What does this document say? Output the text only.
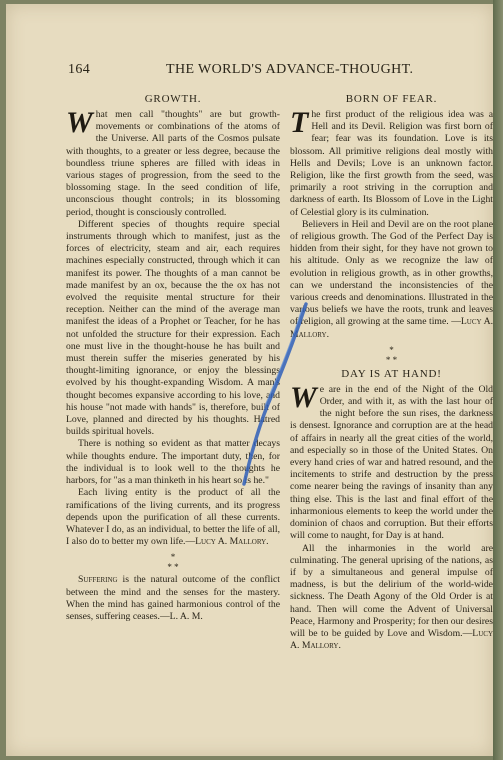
164	THE WORLD'S ADVANCE-THOUGHT.
GROWTH.

What men call "thoughts" are but growth-movements or combinations of the atoms of the Universe. All parts of the Cosmos pulsate with thoughts, to a greater or less degree, because the boundless triune spheres are filled with ideas in various stages of progression, from the seed to the blossoming stage. In the seed condition of life, unconscious thought controls; in its blossoming period, thought is consciously controlled.

Different species of thoughts require special instruments through which to manifest, just as the forces of electricity, steam and air, each requires machines especially constructed, through which it can manifest its power. The thoughts of a man cannot be made manifest by an ox, because the the ox has not evolved the requisite mental structure for their reception. Neither can the mind of the average man manifest the ideas of a Prophet or Teacher, for he has not unfolded the structure for their expression. Each one must live in the thought-house he has built and must therein suffer the miseries generated by his thought-limiting ignorance, or enjoy the blessings evolved by his thought-expanding Wisdom. A man's thought becomes expansive according to his love, and his house "not made with hands" is, therefore, built of Love, planned and directed by his thoughts. Hatred builds spiritual hovels.

There is nothing so evident as that matter decays while thoughts endure. The important duty, then, for the individual is to look well to the thoughts he harbors, for "as a man thinketh in his heart so is he."

Each living entity is the product of all the ramifications of the living currents, and its progress depends upon the purification of all these currents. Whatever I do, as an individual, to better the life of all, I also do to better my own life.—Lucy A. Mallory.

*
* *

Suffering is the natural outcome of the conflict between the mind and the senses for the mastery. When the mind has gained harmonious control of the senses, suffering ceases.—L. A. M.

BORN OF FEAR.

The first product of the religious idea was a Hell and its Devil. Religion was first born of fear; fear was its foundation. Love is its blossom. All primitive religions deal mostly with Hells and Devils; Love is an unknown factor. Religion, like the first growth from the seed, was primarily a root striving in the corruption and darkness of earth. Its Blossom of Love in the Light of Celestial glory is its culmination.

Believers in Heil and Devil are on the root plane of religious growth. The God of the Perfect Day is hidden from their sight, for they have not grown to his altitude. Only as we recognize the law of evolution in religious growth, as in other growths, can we understand the inconsistencies of the various creeds and denominations. Illustrated in the various beliefs we have the roots, trunk and leaves of religion, all growing at the same time. —Lucy A. Mallory.

*
* *
DAY IS AT HAND!

We are in the end of the Night of the Old Order, and with it, as with the last hour of the night before the sun rises, the darkness is densest. Ignorance and corruption are at the head of affairs in nearly all the great cities of the world, and especially so in those of the United States. On every hand cries of war and hatred resound, and the incitements to strife and destruction by the press come nearer being the ravings of insanity than any thing else. This is the last and final effort of the inharmonious elements to keep the world under the dominion of chaos and corruption. But their efforts will come to naught, for Day is at hand.

All the inharmonies in the world are culminating. The general uprising of the nations, as if by a simultaneous and general impulse of madness, is but the delirium of the world-wide sickness. The Death Agony of the Old Order is at hand. Then will come the Advent of Universal Peace, Harmony and Prosperity; for then our desires will be to be guided by Love and Wisdom.—Lucy A. Mallory.
